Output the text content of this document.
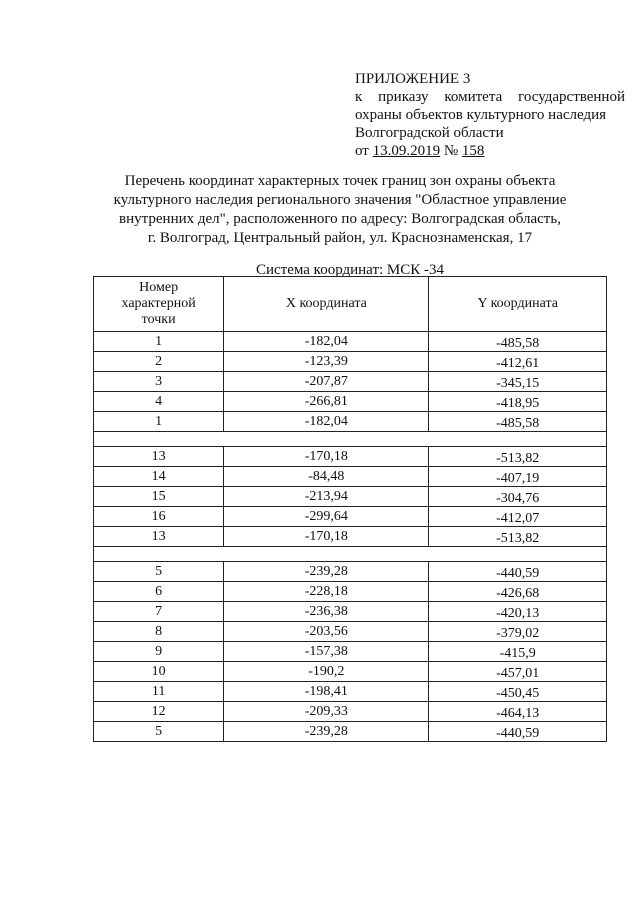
ПРИЛОЖЕНИЕ 3
к приказу комитета государственной
охраны объектов культурного наследия
Волгоградской области
от 13.09.2019 № 158
Перечень координат характерных точек границ зон охраны объекта
культурного наследия регионального значения "Областное управление
внутренних дел", расположенного по адресу: Волгоградская область,
г. Волгоград, Центральный район, ул. Краснознаменская, 17
Система координат: МСК -34
Номер
характерной
точки	X координата	Y координата
1	-182,04	-485,58
2	-123,39	-412,61
3	-207,87	-345,15
4	-266,81	-418,95
1	-182,04	-485,58

13	-170,18	-513,82
14	-84,48	-407,19
15	-213,94	-304,76
16	-299,64	-412,07
13	-170,18	-513,82

5	-239,28	-440,59
6	-228,18	-426,68
7	-236,38	-420,13
8	-203,56	-379,02
9	-157,38	-415,9
10	-190,2	-457,01
11	-198,41	-450,45
12	-209,33	-464,13
5	-239,28	-440,59
